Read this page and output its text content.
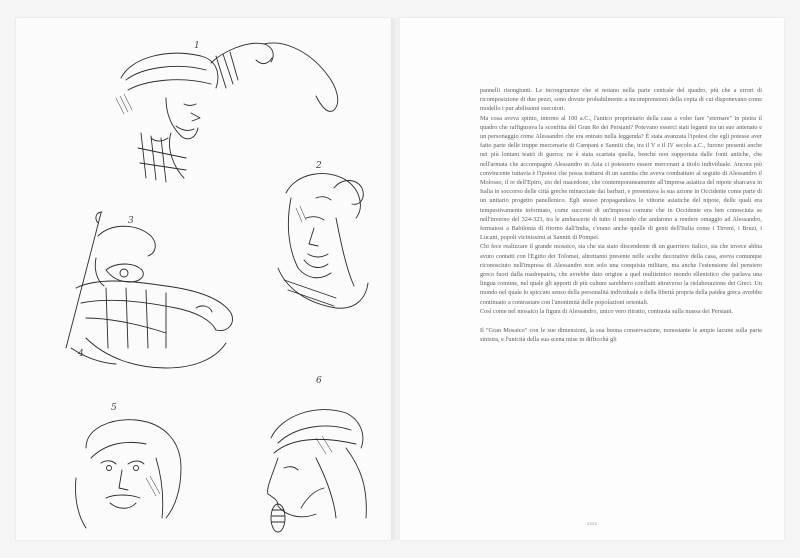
1
2
3
4
5
6

pannelli risongiunti. Le incongruenze che si notano nella parte centrale del quadro, più che a errori di ricomposizione di due pezzi, sono dovute probabilmente a incomprensioni della copia di cui disponevano come modello i pur abilissimi esecutori.

Ma cosa aveva spinto, intorno al 100 a.C., l'antico proprietario della casa a voler fare "eternare" in pietra il quadro che raffigurava la sconfitta del Gran Re dei Persiani? Potevano esserci stati legami tra un suo antenato e un personaggio come Alessandro che era entrato nella leggenda? È stata avanzata l'ipotesi che egli potesse aver fatto parte delle truppe mercenarie di Campani e Sanniti che, tra il V e il IV secolo a.C., furono presenti anche nei più lontani teatri di guerra; ne è stata scartata quella, benché non supportata dalle fonti antiche, che nell'armata che accompagnò Alessandro in Asia ci potessero essere mercenari a titolo individuale. Ancora più convincente tuttavia è l'ipotesi che possa trattarsi di un sannita che aveva combattuto al seguito di Alessandro il Molosso, il re dell'Epiro, zio del macedone, che contemporaneamente all'impresa asiatica del nipote sbarcava in Italia in soccorso delle città greche minacciate dai barbari, e presentava la sua azione in Occidente come parte di un unitario progetto panellenico. Egli stesso propagandava le vittorie asiatiche del nipote, delle quali era tempestivamente informato, come successi di un'impresa comune che in Occidente era ben conosciuta se nell'inverno del 324-323, tra le ambascerie di tutto il mondo che andarono a rendere omaggio ad Alessandro, fermatosi a Babilonia di ritorno dall'India, c'erano anche quelle di genti dell'Italia come i Tirreni, i Bruzi, i Lucani, popoli vicinissimi ai Sanniti di Pompei.

Chi fece realizzare il grande mosaico, sia che sia stato discendente di un guerriero italico, sia che invece abbia avuto contatti con l'Egitto dei Tolomei, altrettanto presente nelle scelte decorative della casa, aveva comunque riconosciuto nell'impresa di Alessandro non solo una conquista militare, ma anche l'estensione del pensiero greco fuori dalla madrepatria, che avrebbe dato origine a quel multietnico mondo ellenistico che parlava una lingua comune, nel quale gli apporti di più culture sarebbero confluiti attraverso la rielaborazione dei Greci. Un mondo nel quale lo spiccato senso della personalità individuale e della libertà propria della paidea greca avrebbe continuato a contrastare con l'anonimità delle popolazioni orientali.

Così come nel mosaico la figura di Alessandro, unico vero ritratto, contrasta sulla massa dei Persiani.

Il "Gran Mosaico" con le sue dimensioni, la sua buona conservazione, nonostante le ampie lacune sulla parte sinistra, e l'unicità della sua scena mise in difficoltà gli

xxxx
